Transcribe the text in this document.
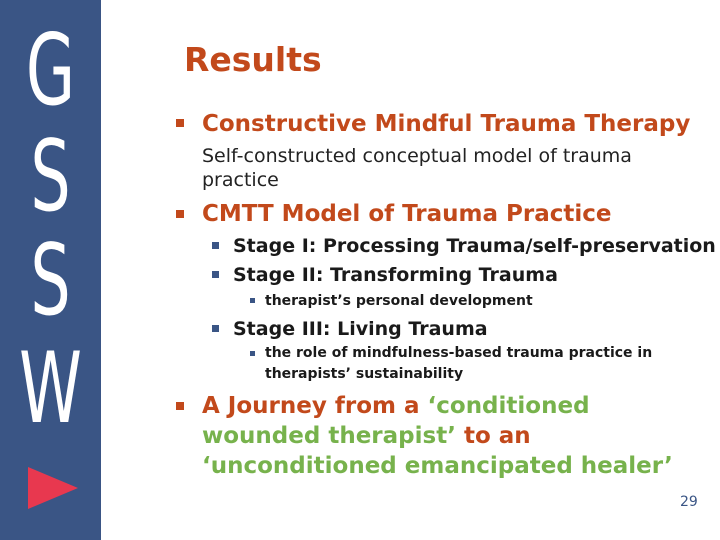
G
S
S
W
Results
Constructive Mindful Trauma Therapy
Self-constructed conceptual model of trauma
practice
CMTT Model of Trauma Practice
Stage I: Processing Trauma/self-preservation
Stage II: Transforming Trauma
therapist’s personal development
Stage III: Living Trauma
the role of mindfulness-based trauma practice in
therapists’ sustainability
A Journey from a ‘conditioned
wounded therapist’ to an
‘unconditioned emancipated healer’
29
